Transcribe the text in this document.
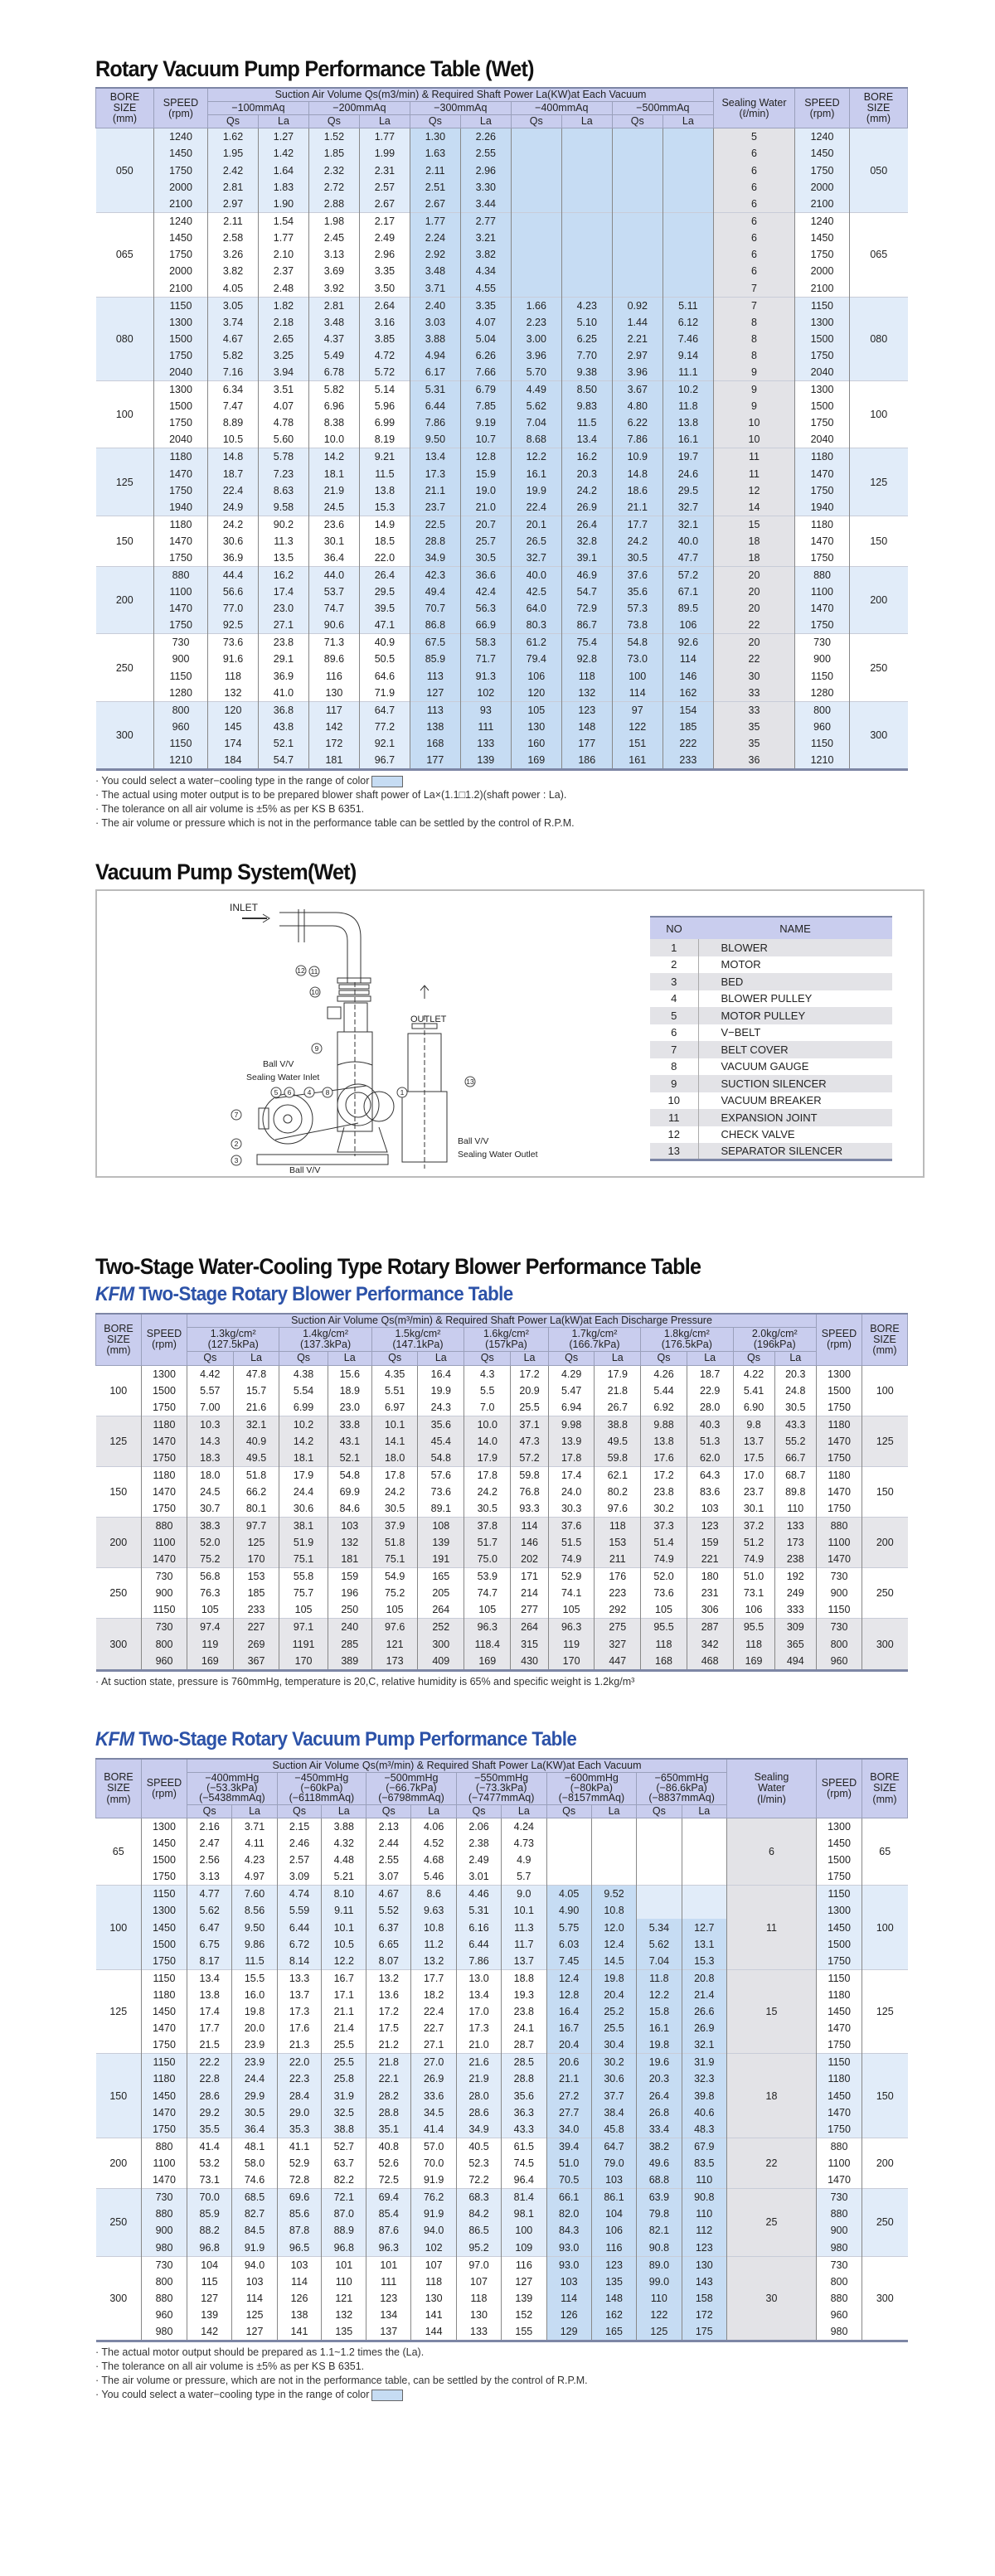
Rotary Vacuum Pump Performance Table (Wet)
BORE
SIZE
(mm)	SPEED
(rpm)	Suction Air Volume Qs(m3/min) & Required Shaft Power La(KW)at Each Vacuum										Sealing Water
(ℓ/min)	SPEED
(rpm)	BORE
SIZE
(mm)
		−100mmAq		−200mmAq		−300mmAq		−400mmAq		−500mmAq				
		Qs	La	Qs	La	Qs	La	Qs	La	Qs	La			
050	1240	1.62	1.27	1.52	1.77	1.30	2.26					5	1240	050
	1450	1.95	1.42	1.85	1.99	1.63	2.55					6	1450	
	1750	2.42	1.64	2.32	2.31	2.11	2.96					6	1750	
	2000	2.81	1.83	2.72	2.57	2.51	3.30					6	2000	
	2100	2.97	1.90	2.88	2.67	2.67	3.44					6	2100	
065	1240	2.11	1.54	1.98	2.17	1.77	2.77					6	1240	065
	1450	2.58	1.77	2.45	2.49	2.24	3.21					6	1450	
	1750	3.26	2.10	3.13	2.96	2.92	3.82					6	1750	
	2000	3.82	2.37	3.69	3.35	3.48	4.34					6	2000	
	2100	4.05	2.48	3.92	3.50	3.71	4.55					7	2100	
080	1150	3.05	1.82	2.81	2.64	2.40	3.35	1.66	4.23	0.92	5.11	7	1150	080
	1300	3.74	2.18	3.48	3.16	3.03	4.07	2.23	5.10	1.44	6.12	8	1300	
	1500	4.67	2.65	4.37	3.85	3.88	5.04	3.00	6.25	2.21	7.46	8	1500	
	1750	5.82	3.25	5.49	4.72	4.94	6.26	3.96	7.70	2.97	9.14	8	1750	
	2040	7.16	3.94	6.78	5.72	6.17	7.66	5.70	9.38	3.96	11.1	9	2040	
100	1300	6.34	3.51	5.82	5.14	5.31	6.79	4.49	8.50	3.67	10.2	9	1300	100
	1500	7.47	4.07	6.96	5.96	6.44	7.85	5.62	9.83	4.80	11.8	9	1500	
	1750	8.89	4.78	8.38	6.99	7.86	9.19	7.04	11.5	6.22	13.8	10	1750	
	2040	10.5	5.60	10.0	8.19	9.50	10.7	8.68	13.4	7.86	16.1	10	2040	
125	1180	14.8	5.78	14.2	9.21	13.4	12.8	12.2	16.2	10.9	19.7	11	1180	125
	1470	18.7	7.23	18.1	11.5	17.3	15.9	16.1	20.3	14.8	24.6	11	1470	
	1750	22.4	8.63	21.9	13.8	21.1	19.0	19.9	24.2	18.6	29.5	12	1750	
	1940	24.9	9.58	24.5	15.3	23.7	21.0	22.4	26.9	21.1	32.7	14	1940	
150	1180	24.2	90.2	23.6	14.9	22.5	20.7	20.1	26.4	17.7	32.1	15	1180	150
	1470	30.6	11.3	30.1	18.5	28.8	25.7	26.5	32.8	24.2	40.0	18	1470	
	1750	36.9	13.5	36.4	22.0	34.9	30.5	32.7	39.1	30.5	47.7	18	1750	
200	880	44.4	16.2	44.0	26.4	42.3	36.6	40.0	46.9	37.6	57.2	20	880	200
	1100	56.6	17.4	53.7	29.5	49.4	42.4	42.5	54.7	35.6	67.1	20	1100	
	1470	77.0	23.0	74.7	39.5	70.7	56.3	64.0	72.9	57.3	89.5	20	1470	
	1750	92.5	27.1	90.6	47.1	86.8	66.9	80.3	86.7	73.8	106	22	1750	
250	730	73.6	23.8	71.3	40.9	67.5	58.3	61.2	75.4	54.8	92.6	20	730	250
	900	91.6	29.1	89.6	50.5	85.9	71.7	79.4	92.8	73.0	114	22	900	
	1150	118	36.9	116	64.6	113	91.3	106	118	100	146	30	1150	
	1280	132	41.0	130	71.9	127	102	120	132	114	162	33	1280	
300	800	120	36.8	117	64.7	113	93	105	123	97	154	33	800	300
	960	145	43.8	142	77.2	138	111	130	148	122	185	35	960	
	1150	174	52.1	172	92.1	168	133	160	177	151	222	35	1150	
	1210	184	54.7	181	96.7	177	139	169	186	161	233	36	1210	
· You could select a water−cooling type in the range of color
· The actual using moter output is to be prepared blower shaft power of La×(1.1□1.2)(shaft power : La).
· The tolerance on all air volume is ±5% as per KS B 6351.
· The air volume or pressure which is not in the performance table can be settled by the control of R.P.M.
Vacuum Pump System(Wet)
INLET
OUTLET
Ball V/V
Sealing Water Inlet
Ball V/V
Sealing Water Outlet
Ball V/V
12 11
10
9
5 6 4 8	1
7
2
3
13
NO	NAME
1	BLOWER
2	MOTOR
3	BED
4	BLOWER PULLEY
5	MOTOR PULLEY
6	V−BELT
7	BELT COVER
8	VACUUM GAUGE
9	SUCTION SILENCER
10	VACUUM BREAKER
11	EXPANSION JOINT
12	CHECK VALVE
13	SEPARATOR SILENCER
Two-Stage Water-Cooling Type Rotary Blower Performance Table
KFM Two-Stage Rotary Blower Performance Table
BORE
SIZE
(mm)	SPEED
(rpm)	Suction Air Volume Qs(m³/min) & Required Shaft Power La(kW)at Each Discharge Pressure														SPEED
(rpm)	BORE
SIZE
(mm)
		1.3kg/cm²
(127.5kPa)		1.4kg/cm²
(137.3kPa)		1.5kg/cm²
(147.1kPa)		1.6kg/cm²
(157kPa)		1.7kg/cm²
(166.7kPa)		1.8kg/cm²
(176.5kPa)		2.0kg/cm²
(196kPa)			
		Qs	La	Qs	La	Qs	La	Qs	La	Qs	La	Qs	La	Qs	La		
100	1300	4.42	47.8	4.38	15.6	4.35	16.4	4.3	17.2	4.29	17.9	4.26	18.7	4.22	20.3	1300	100
	1500	5.57	15.7	5.54	18.9	5.51	19.9	5.5	20.9	5.47	21.8	5.44	22.9	5.41	24.8	1500	
	1750	7.00	21.6	6.99	23.0	6.97	24.3	7.0	25.5	6.94	26.7	6.92	28.0	6.90	30.5	1750	
125	1180	10.3	32.1	10.2	33.8	10.1	35.6	10.0	37.1	9.98	38.8	9.88	40.3	9.8	43.3	1180	125
	1470	14.3	40.9	14.2	43.1	14.1	45.4	14.0	47.3	13.9	49.5	13.8	51.3	13.7	55.2	1470	
	1750	18.3	49.5	18.1	52.1	18.0	54.8	17.9	57.2	17.8	59.8	17.6	62.0	17.5	66.7	1750	
150	1180	18.0	51.8	17.9	54.8	17.8	57.6	17.8	59.8	17.4	62.1	17.2	64.3	17.0	68.7	1180	150
	1470	24.5	66.2	24.4	69.9	24.2	73.6	24.2	76.8	24.0	80.2	23.8	83.6	23.7	89.8	1470	
	1750	30.7	80.1	30.6	84.6	30.5	89.1	30.5	93.3	30.3	97.6	30.2	103	30.1	110	1750	
200	880	38.3	97.7	38.1	103	37.9	108	37.8	114	37.6	118	37.3	123	37.2	133	880	200
	1100	52.0	125	51.9	132	51.8	139	51.7	146	51.5	153	51.4	159	51.2	173	1100	
	1470	75.2	170	75.1	181	75.1	191	75.0	202	74.9	211	74.9	221	74.9	238	1470	
250	730	56.8	153	55.8	159	54.9	165	53.9	171	52.9	176	52.0	180	51.0	192	730	250
	900	76.3	185	75.7	196	75.2	205	74.7	214	74.1	223	73.6	231	73.1	249	900	
	1150	105	233	105	250	105	264	105	277	105	292	105	306	106	333	1150	
300	730	97.4	227	97.1	240	97.6	252	96.3	264	96.3	275	95.5	287	95.5	309	730	300
	800	119	269	1191	285	121	300	118.4	315	119	327	118	342	118	365	800	
	960	169	367	170	389	173	409	169	430	170	447	168	468	169	494	960	
· At suction state, pressure is 760mmHg, temperature is 20,C, relative humidity is 65% and specific weight is 1.2kg/m³
KFM Two-Stage Rotary Vacuum Pump Performance Table
BORE
SIZE
(mm)	SPEED
(rpm)	Suction Air Volume Qs(m³/min) & Required Shaft Power La(KW)at Each Vacuum												Sealing
Water
(l/min)	SPEED
(rpm)	BORE
SIZE
(mm)
		−400mmHg
(−53.3kPa)
(−5438mmAq)		−450mmHg
(−60kPa)
(−6118mmAq)		−500mmHg
(−66.7kPa)
(−6798mmAq)		−550mmHg
(−73.3kPa)
(−7477mmAq)		−600mmHg
(−80kPa)
(−8157mmAq)		−650mmHg
(−86.6kPa)
(−8837mmAq)				
		Qs	La	Qs	La	Qs	La	Qs	La	Qs	La	Qs	La			
65	1300	2.16	3.71	2.15	3.88	2.13	4.06	2.06	4.24					6	1300	65
	1450	2.47	4.11	2.46	4.32	2.44	4.52	2.38	4.73						1450	
	1500	2.56	4.23	2.57	4.48	2.55	4.68	2.49	4.9						1500	
	1750	3.13	4.97	3.09	5.21	3.07	5.46	3.01	5.7						1750	
100	1150	4.77	7.60	4.74	8.10	4.67	8.6	4.46	9.0	4.05	9.52			11	1150	100
	1300	5.62	8.56	5.59	9.11	5.52	9.63	5.31	10.1	4.90	10.8				1300	
	1450	6.47	9.50	6.44	10.1	6.37	10.8	6.16	11.3	5.75	12.0	5.34	12.7		1450	
	1500	6.75	9.86	6.72	10.5	6.65	11.2	6.44	11.7	6.03	12.4	5.62	13.1		1500	
	1750	8.17	11.5	8.14	12.2	8.07	13.2	7.86	13.7	7.45	14.5	7.04	15.3		1750	
125	1150	13.4	15.5	13.3	16.7	13.2	17.7	13.0	18.8	12.4	19.8	11.8	20.8	15	1150	125
	1180	13.8	16.0	13.7	17.1	13.6	18.2	13.4	19.3	12.8	20.4	12.2	21.4		1180	
	1450	17.4	19.8	17.3	21.1	17.2	22.4	17.0	23.8	16.4	25.2	15.8	26.6		1450	
	1470	17.7	20.0	17.6	21.4	17.5	22.7	17.3	24.1	16.7	25.5	16.1	26.9		1470	
	1750	21.5	23.9	21.3	25.5	21.2	27.1	21.0	28.7	20.4	30.4	19.8	32.1		1750	
150	1150	22.2	23.9	22.0	25.5	21.8	27.0	21.6	28.5	20.6	30.2	19.6	31.9	18	1150	150
	1180	22.8	24.4	22.3	25.8	22.1	26.9	21.9	28.8	21.1	30.6	20.3	32.3		1180	
	1450	28.6	29.9	28.4	31.9	28.2	33.6	28.0	35.6	27.2	37.7	26.4	39.8		1450	
	1470	29.2	30.5	29.0	32.5	28.8	34.5	28.6	36.3	27.7	38.4	26.8	40.6		1470	
	1750	35.5	36.4	35.3	38.8	35.1	41.4	34.9	43.3	34.0	45.8	33.4	48.3		1750	
200	880	41.4	48.1	41.1	52.7	40.8	57.0	40.5	61.5	39.4	64.7	38.2	67.9	22	880	200
	1100	53.2	58.0	52.9	63.7	52.6	70.0	52.3	74.5	51.0	79.0	49.6	83.5		1100	
	1470	73.1	74.6	72.8	82.2	72.5	91.9	72.2	96.4	70.5	103	68.8	110		1470	
250	730	70.0	68.5	69.6	72.1	69.4	76.2	68.3	81.4	66.1	86.1	63.9	90.8	25	730	250
	880	85.9	82.7	85.6	87.0	85.4	91.9	84.2	98.1	82.0	104	79.8	110		880	
	900	88.2	84.5	87.8	88.9	87.6	94.0	86.5	100	84.3	106	82.1	112		900	
	980	96.8	91.9	96.5	96.8	96.3	102	95.2	109	93.0	116	90.8	123		980	
300	730	104	94.0	103	101	101	107	97.0	116	93.0	123	89.0	130	30	730	300
	800	115	103	114	110	111	118	107	127	103	135	99.0	143		800	
	880	127	114	126	121	123	130	118	139	114	148	110	158		880	
	960	139	125	138	132	134	141	130	152	126	162	122	172		960	
	980	142	127	141	135	137	144	133	155	129	165	125	175		980	
· The actual motor output should be prepared as 1.1~1.2 times the (La).
· The tolerance on all air volume is ±5% as per KS B 6351.
· The air volume or pressure, which are not in the performance table, can be settled by the control of R.P.M.
· You could select a water−cooling type in the range of color
